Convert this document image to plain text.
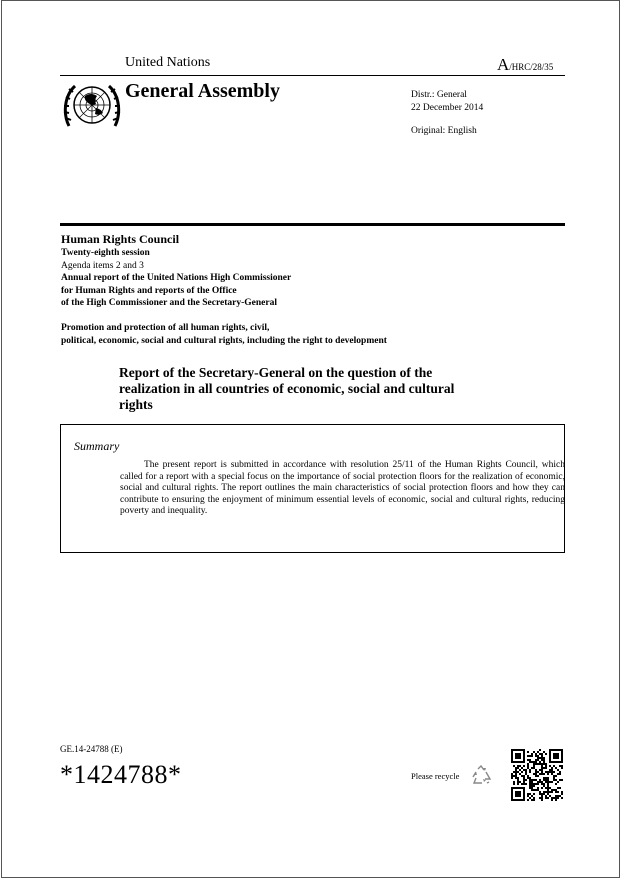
United Nations	A/HRC/28/35
General Assembly	Distr.: General
22 December 2014
Original: English
Human Rights Council
Twenty-eighth session
Agenda items 2 and 3
Annual report of the United Nations High Commissioner
for Human Rights and reports of the Office
of the High Commissioner and the Secretary-General
Promotion and protection of all human rights, civil,
political, economic, social and cultural rights, including the right to development
Report of the Secretary-General on the question of the
realization in all countries of economic, social and cultural
rights
Summary
The present report is submitted in accordance with resolution 25/11 of the Human Rights Council, which called for a report with a special focus on the importance of social protection floors for the realization of economic, social and cultural rights. The report outlines the main characteristics of social protection floors and how they can contribute to ensuring the enjoyment of minimum essential levels of economic, social and cultural rights, reducing poverty and inequality.
GE.14-24788 (E)
*1424788*	Please recycle
